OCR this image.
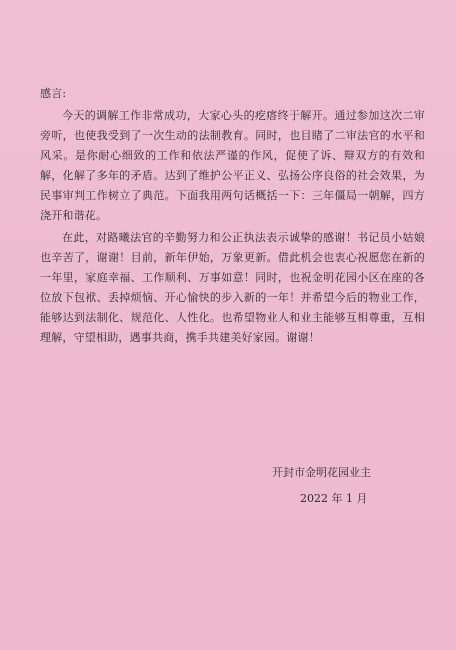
感言:

今天的调解工作非常成功，大家心头的疙瘩终于解开。通过参加这次二审旁听，也使我受到了一次生动的法制教育。同时，也目睹了二审法官的水平和风采。是你耐心细致的工作和依法严谨的作风，促使了诉、辩双方的有效和解，化解了多年的矛盾。达到了维护公平正义、弘扬公序良俗的社会效果，为民事审判工作树立了典范。下面我用两句话概括一下：三年僵局一朝解，四方浇开和谐花。

在此，对路曦法官的辛勤努力和公正执法表示诚挚的感谢！书记员小姑娘也辛苦了，谢谢！目前，新年伊始，万象更新。借此机会也衷心祝愿您在新的一年里，家庭幸福、工作顺利、万事如意！同时，也祝金明花园小区在座的各位放下包袱、丢掉烦恼、开心愉快的步入新的一年！并希望今后的物业工作，能够达到法制化、规范化、人性化。也希望物业人和业主能够互相尊重，互相理解，守望相助，遇事共商，携手共建美好家园。谢谢！

开封市金明花园业主
2022 年 1 月
